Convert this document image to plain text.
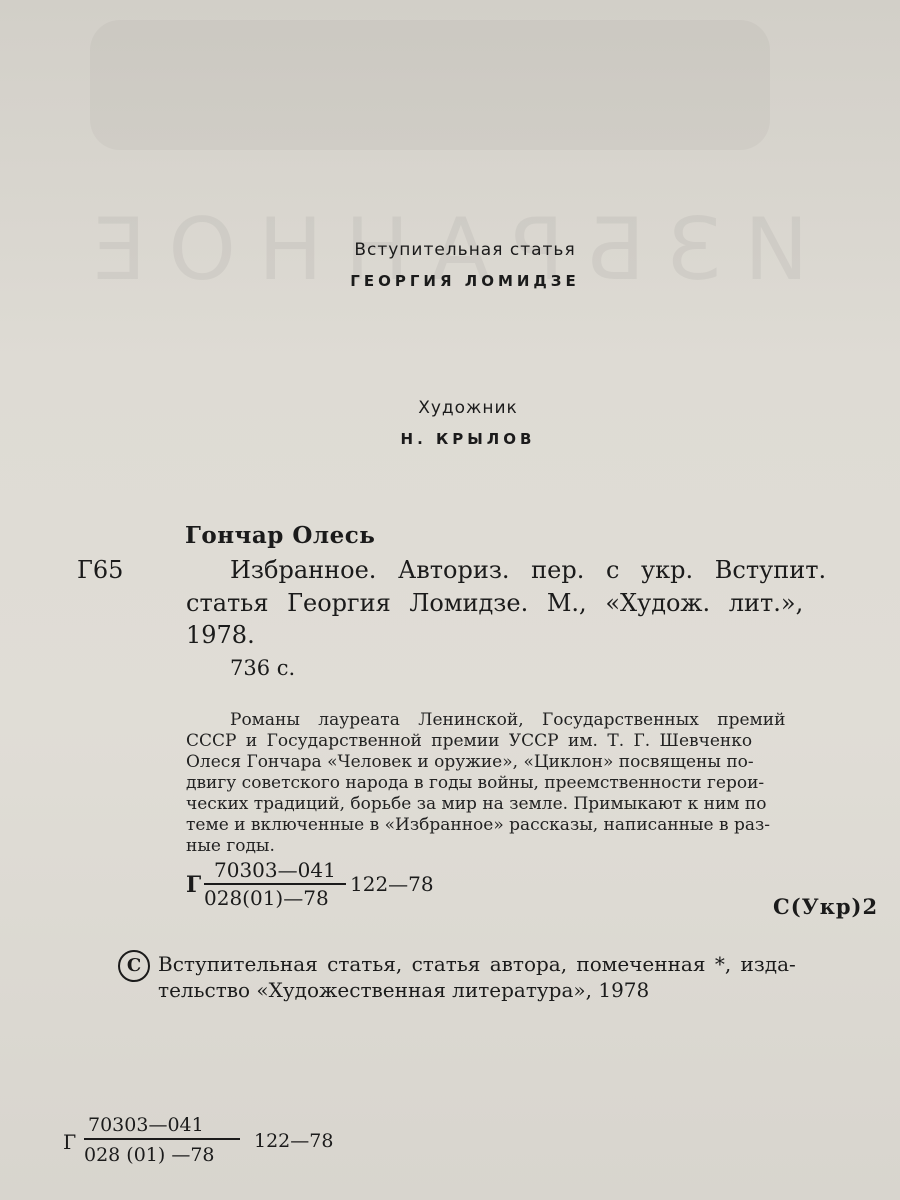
Вступительная статья
ГЕОРГИЯ ЛОМИДЗЕ
Художник
Н. КРЫЛОВ
Гончар Олесь
Г65	Избранное. Авториз. пер. с укр. Вступит.
статья Георгия Ломидзе. М., «Худож. лит.»,
1978.
736 с.
Романы лауреата Ленинской, Государственных премий
СССР и Государственной премии УССР им. Т. Г. Шевченко
Олеся Гончара «Человек и оружие», «Циклон» посвящены по-
двигу советского народа в годы войны, преемственности герои-
ческих традиций, борьбе за мир на земле. Примыкают к ним по
теме и включенные в «Избранное» рассказы, написанные в раз-
ные годы.
Г
70303—041
028(01)—78
122—78
С(Укр)2
С Вступительная статья, статья автора, помеченная *, изда-
тельство «Художественная литература», 1978
Г
70303—041
028 (01) —78
122—78
